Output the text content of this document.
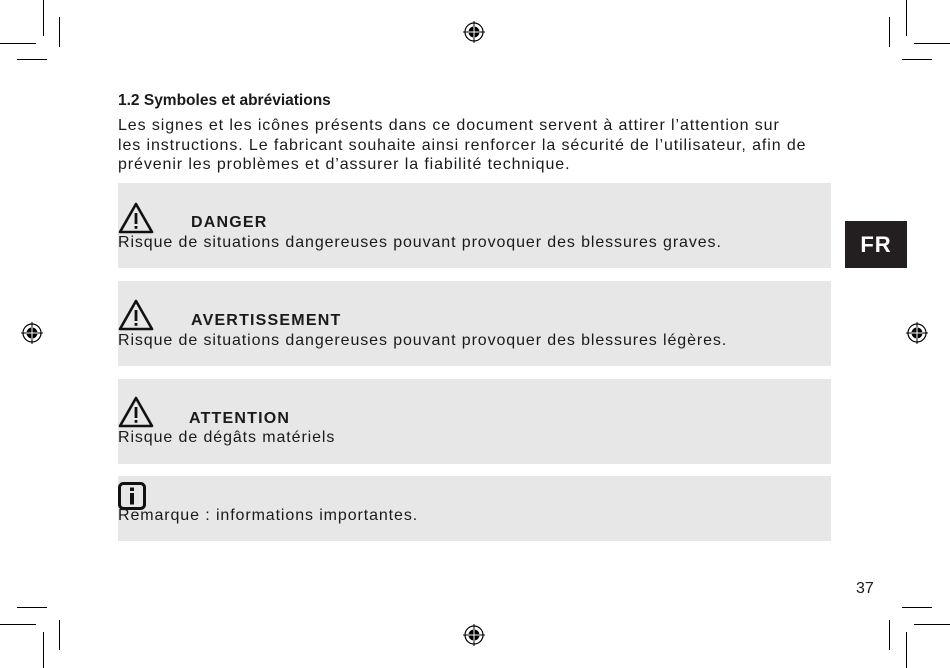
1.2 Symboles et abréviations
Les signes et les icônes présents dans ce document servent à attirer l’attention sur
les instructions. Le fabricant souhaite ainsi renforcer la sécurité de l’utilisateur, afin de
prévenir les problèmes et d’assurer la fiabilité technique.
DANGER
Risque de situations dangereuses pouvant provoquer des blessures graves.
AVERTISSEMENT
Risque de situations dangereuses pouvant provoquer des blessures légères.
ATTENTION
Risque de dégâts matériels
Remarque : informations importantes.
FR
37
